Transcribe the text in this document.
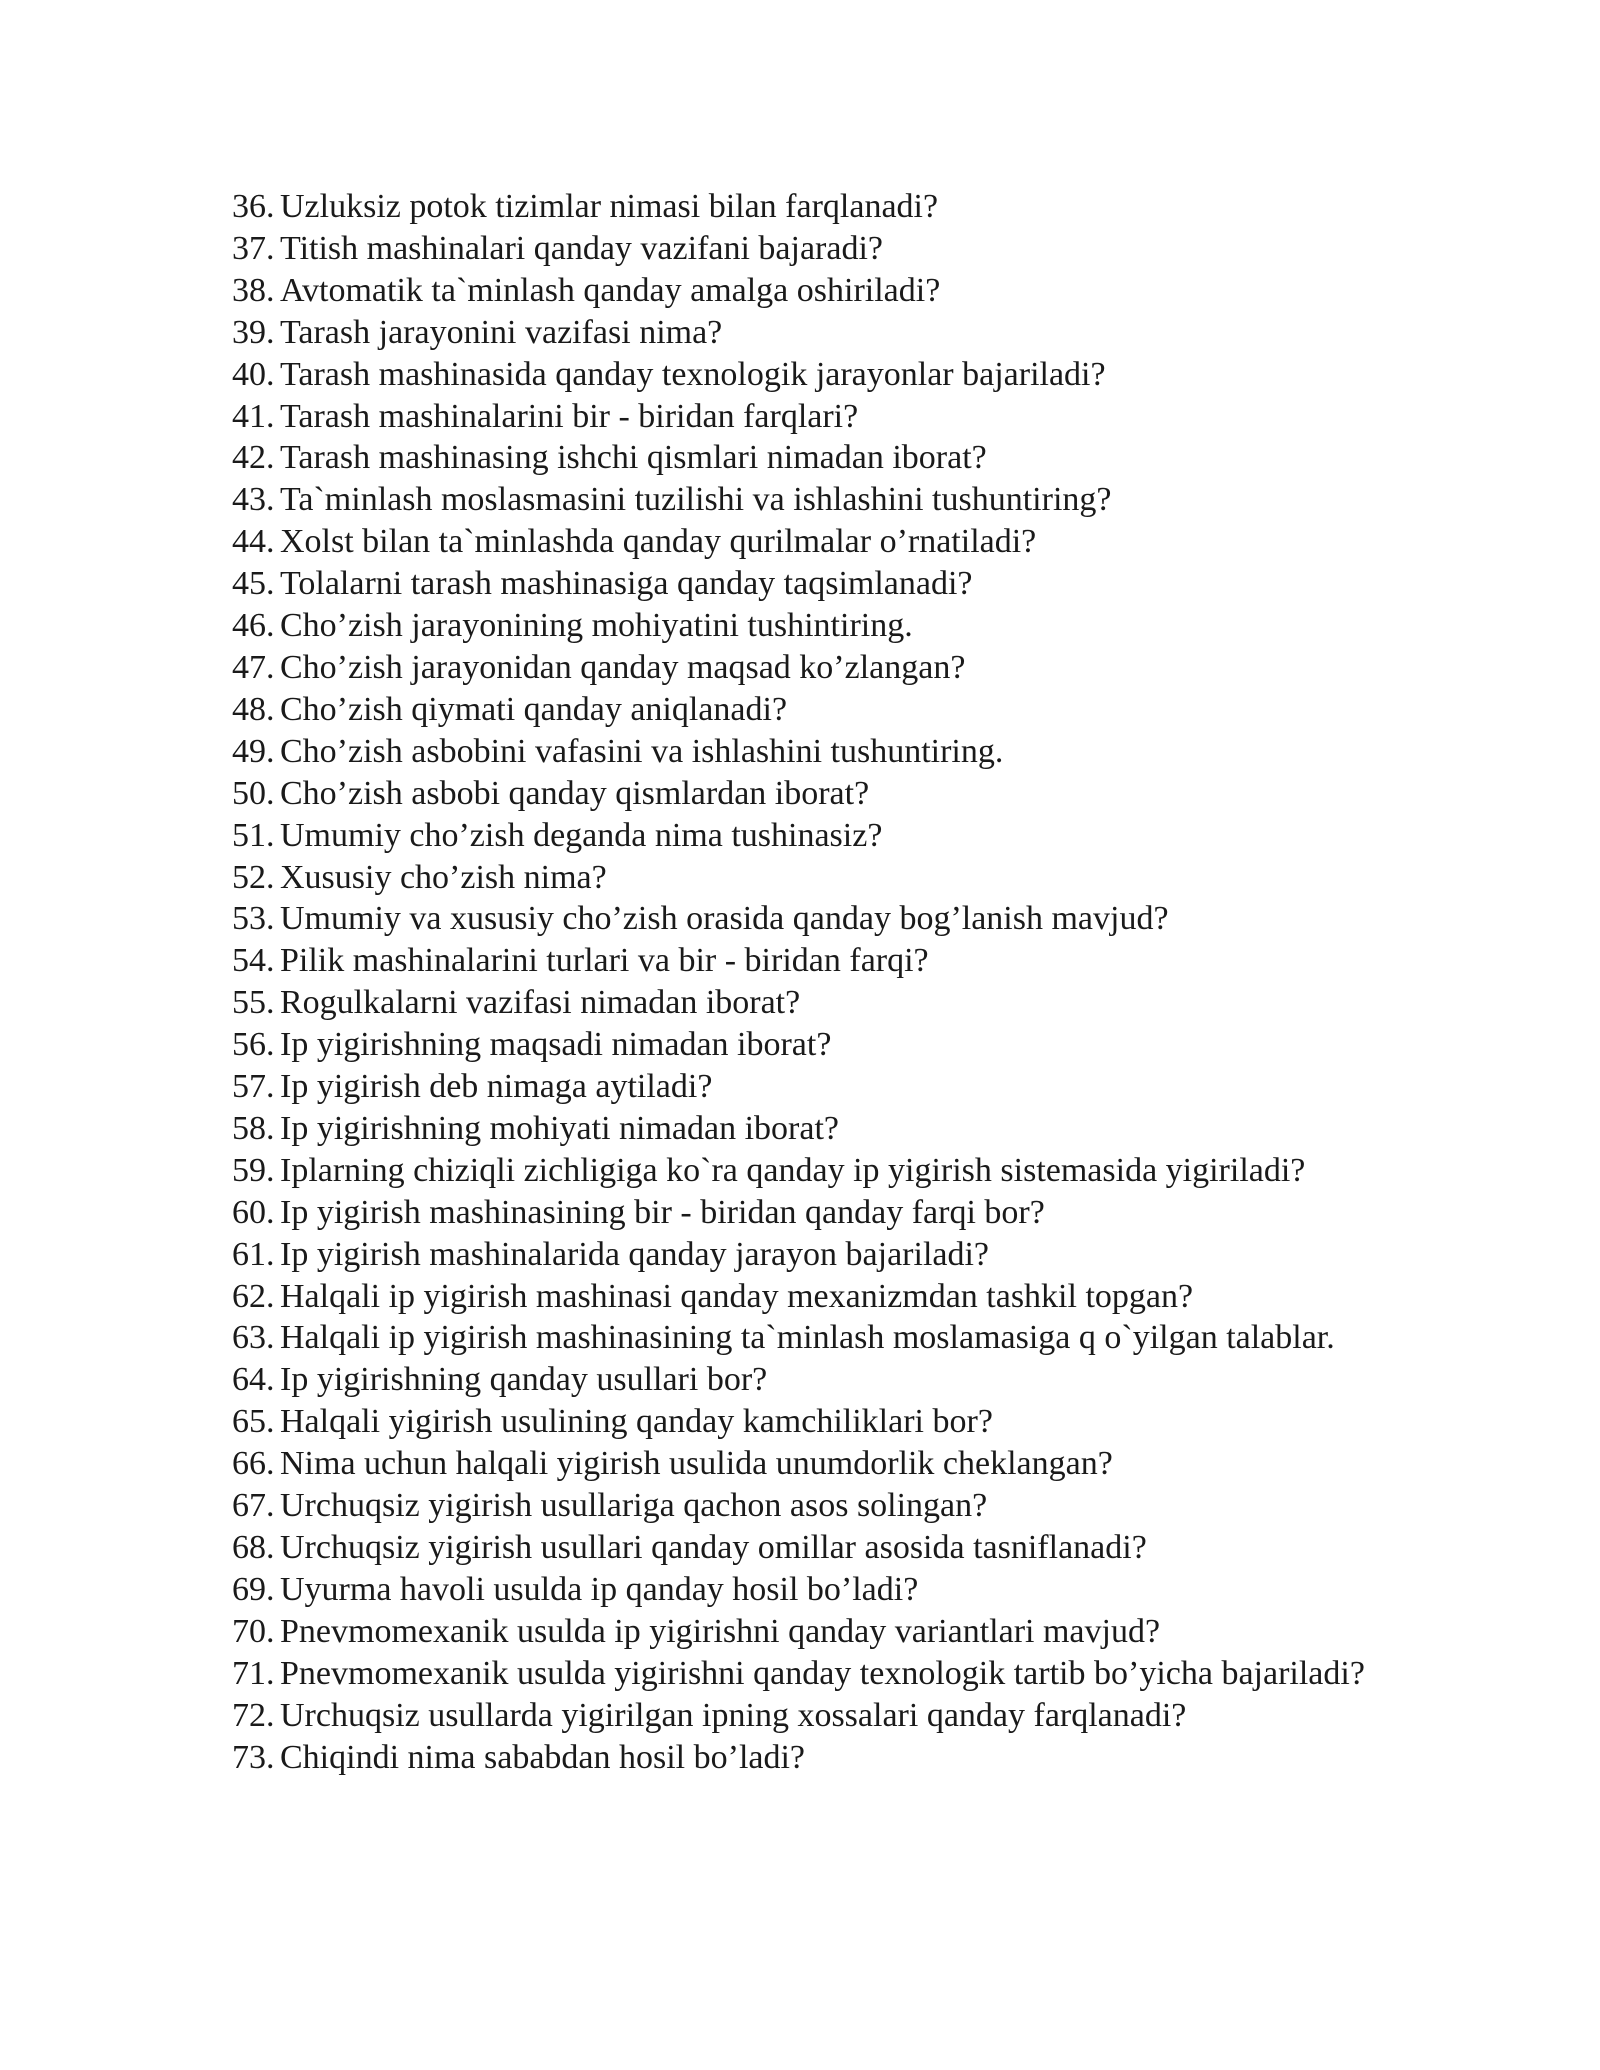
36. Uzluksiz potok tizimlar nimasi bilan farqlanadi?
37. Titish mashinalari qanday vazifani bajaradi?
38. Avtomatik ta`minlash qanday amalga oshiriladi?
39. Tarash jarayonini vazifasi nima?
40. Tarash mashinasida qanday texnologik jarayonlar bajariladi?
41. Tarash mashinalarini bir - biridan farqlari?
42. Tarash mashinasing ishchi qismlari nimadan iborat?
43. Ta`minlash moslasmasini tuzilishi va ishlashini tushuntiring?
44. Xolst bilan ta`minlashda qanday qurilmalar o’rnatiladi?
45. Tolalarni tarash mashinasiga qanday taqsimlanadi?
46. Cho’zish jarayonining mohiyatini tushintiring.
47. Cho’zish jarayonidan qanday maqsad ko’zlangan?
48. Cho’zish qiymati qanday aniqlanadi?
49. Cho’zish asbobini vafasini va ishlashini tushuntiring.
50. Cho’zish asbobi qanday qismlardan iborat?
51. Umumiy cho’zish deganda nima tushinasiz?
52. Xususiy cho’zish nima?
53. Umumiy va xususiy cho’zish orasida qanday bog’lanish mavjud?
54. Pilik mashinalarini turlari va bir - biridan farqi?
55. Rogulkalarni vazifasi nimadan iborat?
56. Ip yigirishning maqsadi nimadan iborat?
57. Ip yigirish deb nimaga aytiladi?
58. Ip yigirishning mohiyati nimadan iborat?
59. Iplarning chiziqli zichligiga ko`ra qanday ip yigirish sistemasida yigiriladi?
60. Ip yigirish mashinasining bir - biridan qanday farqi bor?
61. Ip yigirish mashinalarida qanday jarayon bajariladi?
62. Halqali ip yigirish mashinasi qanday mexanizmdan tashkil topgan?
63. Halqali ip yigirish mashinasining ta`minlash moslamasiga q o`yilgan talablar.
64. Ip yigirishning qanday usullari bor?
65. Halqali yigirish usulining qanday kamchiliklari bor?
66. Nima uchun halqali yigirish usulida unumdorlik cheklangan?
67. Urchuqsiz yigirish usullariga qachon asos solingan?
68. Urchuqsiz yigirish usullari qanday omillar asosida tasniflanadi?
69. Uyurma havoli usulda ip qanday hosil bo’ladi?
70. Pnevmomexanik usulda ip yigirishni qanday variantlari mavjud?
71. Pnevmomexanik usulda yigirishni qanday texnologik tartib bo’yicha bajariladi?
72. Urchuqsiz usullarda yigirilgan ipning xossalari qanday farqlanadi?
73. Chiqindi nima sababdan hosil bo’ladi?
